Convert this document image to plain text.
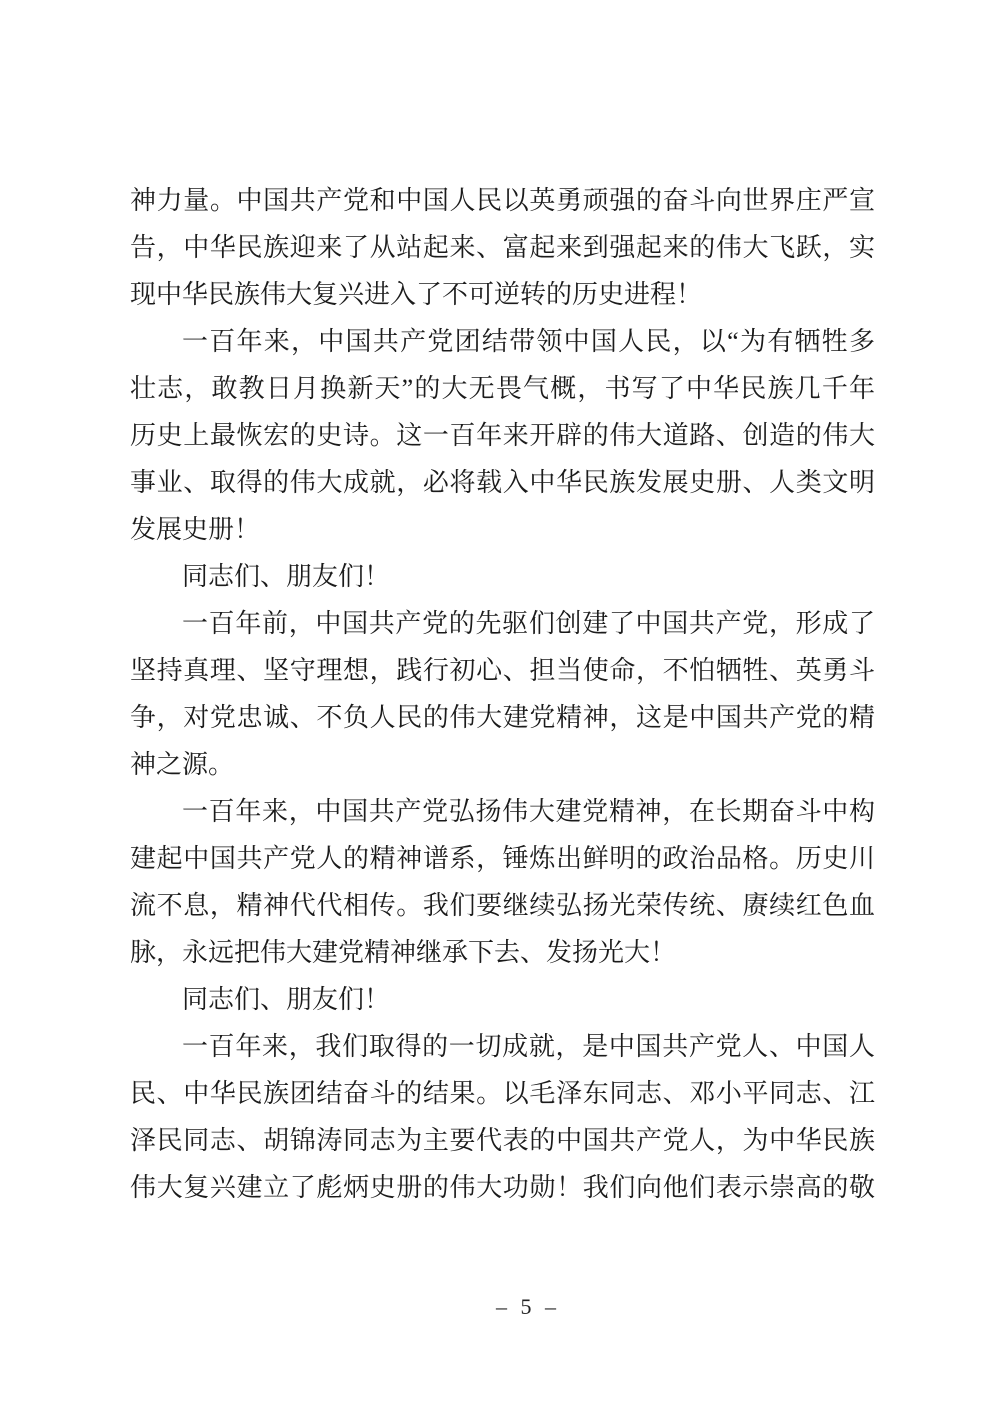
神力量。中国共产党和中国人民以英勇顽强的奋斗向世界庄严宣
告，中华民族迎来了从站起来、富起来到强起来的伟大飞跃，实
现中华民族伟大复兴进入了不可逆转的历史进程！
一百年来，中国共产党团结带领中国人民，以“为有牺牲多
壮志，敢教日月换新天”的大无畏气概，书写了中华民族几千年
历史上最恢宏的史诗。这一百年来开辟的伟大道路、创造的伟大
事业、取得的伟大成就，必将载入中华民族发展史册、人类文明
发展史册！
同志们、朋友们！
一百年前，中国共产党的先驱们创建了中国共产党，形成了
坚持真理、坚守理想，践行初心、担当使命，不怕牺牲、英勇斗
争，对党忠诚、不负人民的伟大建党精神，这是中国共产党的精
神之源。
一百年来，中国共产党弘扬伟大建党精神，在长期奋斗中构
建起中国共产党人的精神谱系，锤炼出鲜明的政治品格。历史川
流不息，精神代代相传。我们要继续弘扬光荣传统、赓续红色血
脉，永远把伟大建党精神继承下去、发扬光大！
同志们、朋友们！
一百年来，我们取得的一切成就，是中国共产党人、中国人
民、中华民族团结奋斗的结果。以毛泽东同志、邓小平同志、江
泽民同志、胡锦涛同志为主要代表的中国共产党人，为中华民族
伟大复兴建立了彪炳史册的伟大功勋！我们向他们表示崇高的敬
– 5 –
